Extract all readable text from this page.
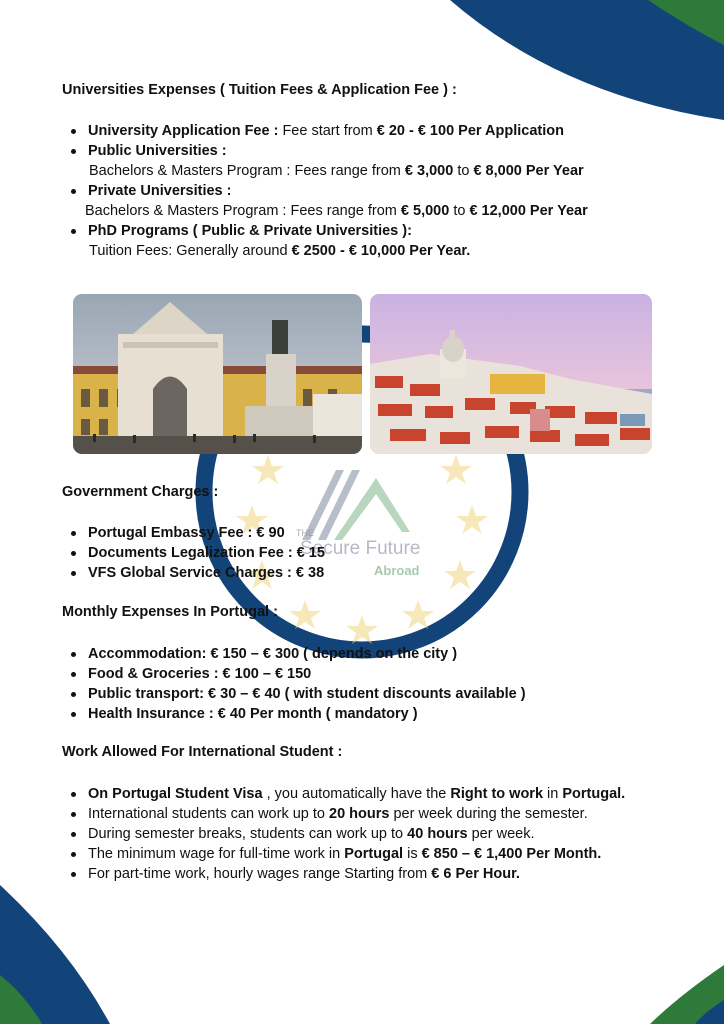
THE
Secure Future
Abroad
Universities Expenses ( Tuition Fees & Application Fee ) :
University Application Fee : Fee start from € 20 - € 100 Per Application
Public Universities :
Bachelors & Masters Program : Fees range from € 3,000 to € 8,000 Per Year
Private Universities :
Bachelors & Masters Program : Fees range from € 5,000 to € 12,000 Per Year
PhD Programs ( Public & Private Universities ):
Tuition Fees: Generally around € 2500 - € 10,000 Per Year.
Government Charges :
Portugal Embassy Fee : € 90
Documents Legalization Fee : € 15
VFS Global Service Charges : € 38
Monthly Expenses In Portugal :
Accommodation: € 150 – € 300 ( depends on the city )
Food & Groceries : € 100 – € 150
Public transport: € 30 – € 40 ( with student discounts available )
Health Insurance : € 40 Per month ( mandatory )
Work Allowed For International Student :
On Portugal Student Visa , you automatically have the Right to work in Portugal.
International students can work up to 20 hours per week during the semester.
During semester breaks, students can work up to 40 hours per week.
The minimum wage for full-time work in Portugal is € 850 – € 1,400 Per Month.
For part-time work, hourly wages range Starting from € 6 Per Hour.
